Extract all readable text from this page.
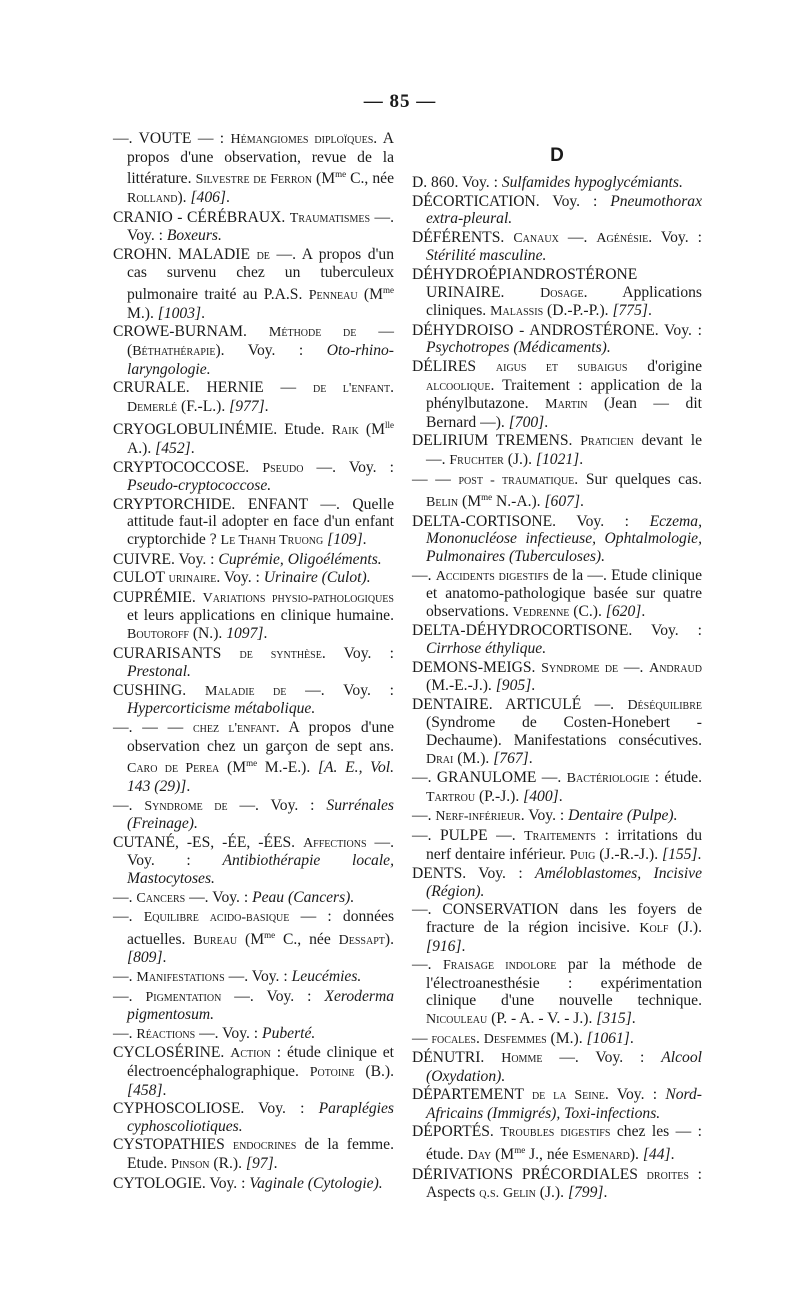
— 85 —
—. VOUTE — : Hémangiomes diploïques. A propos d'une observation, revue de la littérature. Silvestre de Ferron ($M^{me}$ C., née Rolland). [406].
CRANIO - CÉRÉBRAUX. Traumatismes —. Voy. : Boxeurs.
CROHN. MALADIE de —. A propos d'un cas survenu chez un tuberculeux pulmonaire traité au P.A.S. Penneau ($M^{me}$ M.). [1003].
CROWE-BURNAM. Méthode de — (Béthathérapie). Voy. : Oto-rhino-laryngologie.
CRURALE. HERNIE — de l'enfant. Demerlé (F.-L.). [977].
CRYOGLOBULINÉMIE. Etude. Raik ($M^{lle}$ A.). [452].
CRYPTOCOCCOSE. Pseudo —. Voy. : Pseudo-cryptococcose.
CRYPTORCHIDE. ENFANT —. Quelle attitude faut-il adopter en face d'un enfant cryptorchide ? Le Thanh Truong [109].
CUIVRE. Voy. : Cuprémie, Oligoéléments.
CULOT urinaire. Voy. : Urinaire (Culot).
CUPRÉMIE. Variations physio-pathologiques et leurs applications en clinique humaine. Boutoroff (N.). 1097].
CURARISANTS de synthèse. Voy. : Prestonal.
CUSHING. Maladie de —. Voy. : Hypercorticisme métabolique.
—. — — chez l'enfant. A propos d'une observation chez un garçon de sept ans. Caro de Perea ($M^{me}$ M.-E.). [A. E., Vol. 143 (29)].
—. Syndrome de —. Voy. : Surrénales (Freinage).
CUTANÉ, -ES, -ÉE, -ÉES. Affections —. Voy. : Antibiothérapie locale, Mastocytoses.
—. Cancers —. Voy. : Peau (Cancers).
—. Equilibre acido-basique — : données actuelles. Bureau ($M^{me}$ C., née Dessapt). [809].
—. Manifestations —. Voy. : Leucémies.
—. Pigmentation —. Voy. : Xeroderma pigmentosum.
—. Réactions —. Voy. : Puberté.
CYCLOSÉRINE. Action : étude clinique et électroencéphalographique. Potoine (B.). [458].
CYPHOSCOLIOSE. Voy. : Paraplégies cyphoscoliotiques.
CYSTOPATHIES endocrines de la femme. Etude. Pinson (R.). [97].
CYTOLOGIE. Voy. : Vaginale (Cytologie).
D
D. 860. Voy. : Sulfamides hypoglycémiants.
DÉCORTICATION. Voy. : Pneumothorax extra-pleural.
DÉFÉRENTS. Canaux —. Agénésie. Voy. : Stérilité masculine.
DÉHYDROÉPIANDROSTÉRONE URINAIRE. Dosage. Applications cliniques. Malassis (D.-P.-P.). [775].
DÉHYDROISO - ANDROSTÉRONE. Voy. : Psychotropes (Médicaments).
DÉLIRES aigus et subaigus d'origine alcoolique. Traitement : application de la phénylbutazone. Martin (Jean — dit Bernard —). [700].
DELIRIUM TREMENS. Praticien devant le —. Fruchter (J.). [1021].
— — post - traumatique. Sur quelques cas. Belin ($M^{me}$ N.-A.). [607].
DELTA-CORTISONE. Voy. : Eczema, Mononucléose infectieuse, Ophtalmologie, Pulmonaires (Tuberculoses).
—. Accidents digestifs de la —. Etude clinique et anatomo-pathologique basée sur quatre observations. Vedrenne (C.). [620].
DELTA-DÉHYDROCORTISONE. Voy. : Cirrhose éthylique.
DEMONS-MEIGS. Syndrome de —. Andraud (M.-E.-J.). [905].
DENTAIRE. ARTICULÉ —. Déséquilibre (Syndrome de Costen-Honebert - Dechaume). Manifestations consécutives. Drai (M.). [767].
—. GRANULOME —. Bactériologie : étude. Tartrou (P.-J.). [400].
—. Nerf-inférieur. Voy. : Dentaire (Pulpe).
—. PULPE —. Traitements : irritations du nerf dentaire inférieur. Puig (J.-R.-J.). [155].
DENTS. Voy. : Améloblastomes, Incisive (Région).
—. CONSERVATION dans les foyers de fracture de la région incisive. Kolf (J.). [916].
—. Fraisage indolore par la méthode de l'électroanesthésie : expérimentation clinique d'une nouvelle technique. Nicouleau (P. - A. - V. - J.). [315].
— focales. Desfemmes (M.). [1061].
DÉNUTRI. Homme —. Voy. : Alcool (Oxydation).
DÉPARTEMENT de la Seine. Voy. : Nord-Africains (Immigrés), Toxi-infections.
DÉPORTÉS. Troubles digestifs chez les — : étude. Day ($M^{me}$ J., née Esmenard). [44].
DÉRIVATIONS PRÉCORDIALES droites : Aspects q.s. Gelin (J.). [799].
